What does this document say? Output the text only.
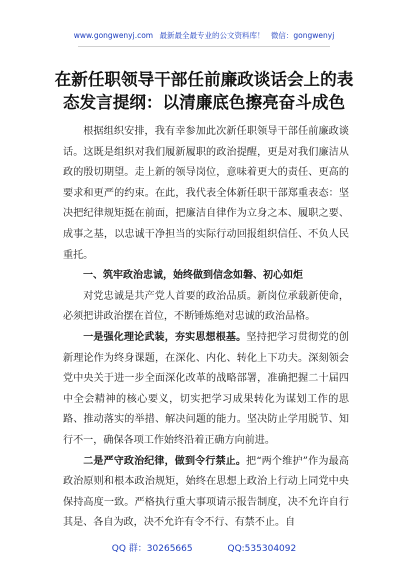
www.gongwenyj.com 最新最全最专业的公文资料库！ 微信：gongwenyj
在新任职领导干部任前廉政谈话会上的表态发言提纲：以清廉底色擦亮奋斗成色

根据组织安排，我有幸参加此次新任职领导干部任前廉政谈话。这既是组织对我们履新履职的政治提醒，更是对我们廉洁从政的殷切期望。走上新的领导岗位，意味着更大的责任、更高的要求和更严的约束。在此，我代表全体新任职干部郑重表态：坚决把纪律规矩挺在前面，把廉洁自律作为立身之本、履职之要、成事之基，以忠诚干净担当的实际行动回报组织信任、不负人民重托。

一、筑牢政治忠诚，始终做到信念如磐、初心如炬

对党忠诚是共产党人首要的政治品质。新岗位承载新使命，必须把讲政治摆在首位，不断锤炼绝对忠诚的政治品格。

一是强化理论武装，夯实思想根基。坚持把学习贯彻党的创新理论作为终身课题，在深化、内化、转化上下功夫。深刻领会党中央关于进一步全面深化改革的战略部署，准确把握二十届四中全会精神的核心要义，切实把学习成果转化为谋划工作的思路、推动落实的举措、解决问题的能力。坚决防止学用脱节、知行不一，确保各项工作始终沿着正确方向前进。

二是严守政治纪律，做到令行禁止。把“两个维护”作为最高政治原则和根本政治规矩，始终在思想上政治上行动上同党中央保持高度一致。严格执行重大事项请示报告制度，决不允许自行其是、各自为政，决不允许有令不行、有禁不止。自

QQ 群：30265665	QQ:535304092
